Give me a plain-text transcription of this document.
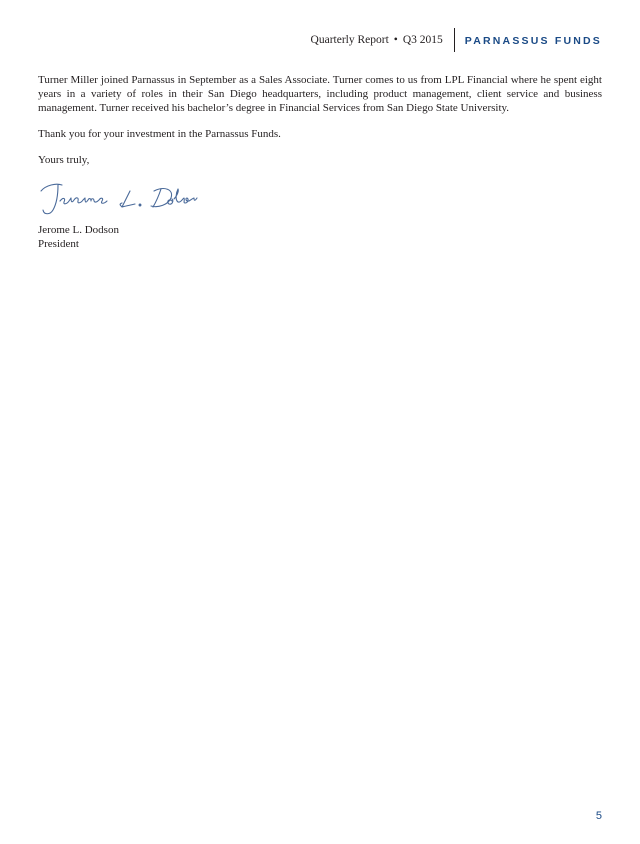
Quarterly Report • Q3 2015 PARNASSUS FUNDS

Turner Miller joined Parnassus in September as a Sales Associate. Turner comes to us from LPL Financial where he spent eight years in a variety of roles in their San Diego headquarters, including product management, client service and business management. Turner received his bachelor’s degree in Financial Services from San Diego State University.

Thank you for your investment in the Parnassus Funds.

Yours truly,

Jerome L. Dodson

President

5
